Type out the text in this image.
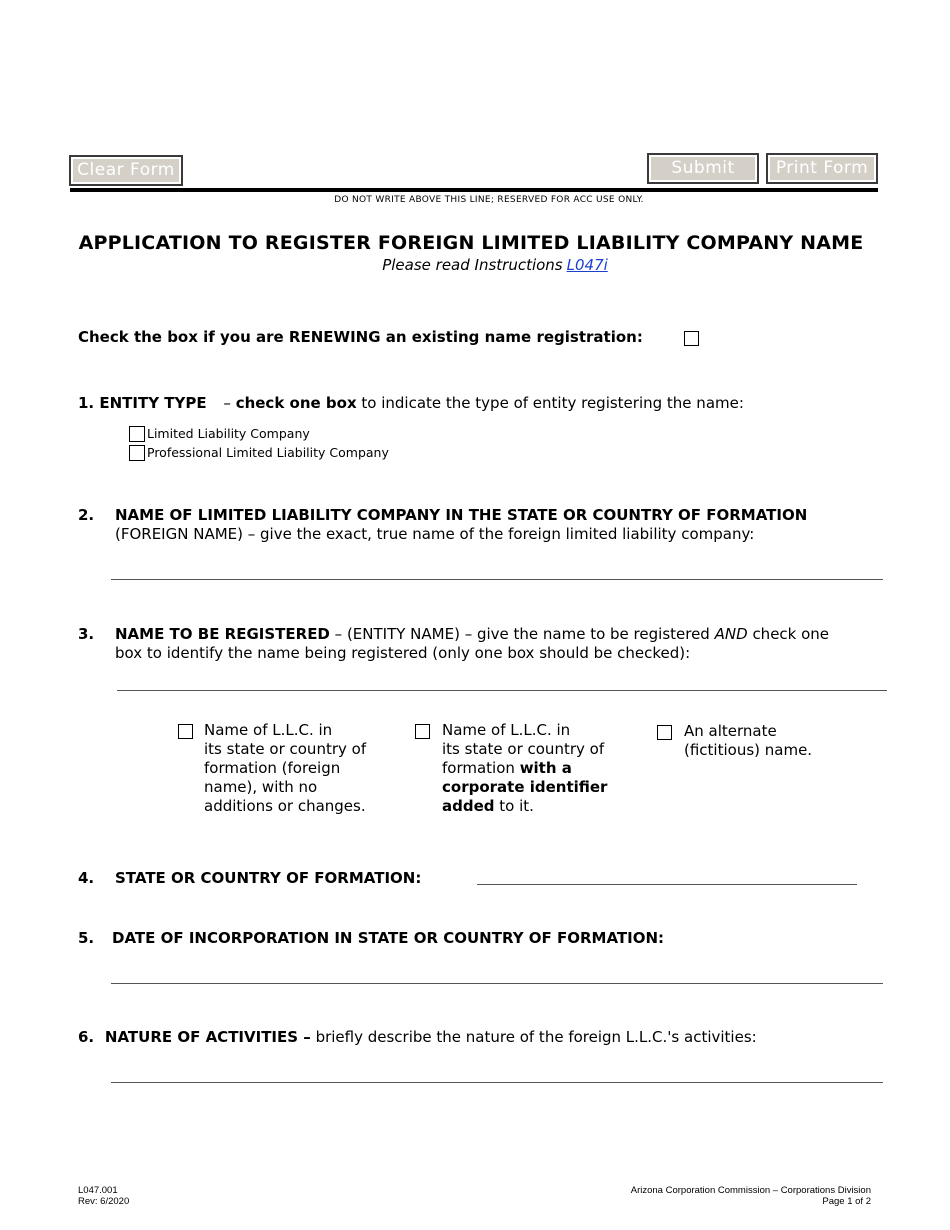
Clear Form	Submit	Print Form
DO NOT WRITE ABOVE THIS LINE; RESERVED FOR ACC USE ONLY.
APPLICATION TO REGISTER FOREIGN LIMITED LIABILITY COMPANY NAME
Please read Instructions L047i
Check the box if you are RENEWING an existing name registration:
1. ENTITY TYPE – check one box to indicate the type of entity registering the name:
Limited Liability Company
Professional Limited Liability Company
2. NAME OF LIMITED LIABILITY COMPANY IN THE STATE OR COUNTRY OF FORMATION
(FOREIGN NAME) – give the exact, true name of the foreign limited liability company:
3. NAME TO BE REGISTERED – (ENTITY NAME) – give the name to be registered AND check one
box to identify the name being registered (only one box should be checked):
Name of L.L.C. in
its state or country of
formation (foreign
name), with no
additions or changes.
Name of L.L.C. in
its state or country of
formation with a
corporate identifier
added to it.
An alternate
(fictitious) name.
4. STATE OR COUNTRY OF FORMATION:
5. DATE OF INCORPORATION IN STATE OR COUNTRY OF FORMATION:
6. NATURE OF ACTIVITIES – briefly describe the nature of the foreign L.L.C.'s activities:
L047.001
Rev: 6/2020
Arizona Corporation Commission – Corporations Division
Page 1 of 2
